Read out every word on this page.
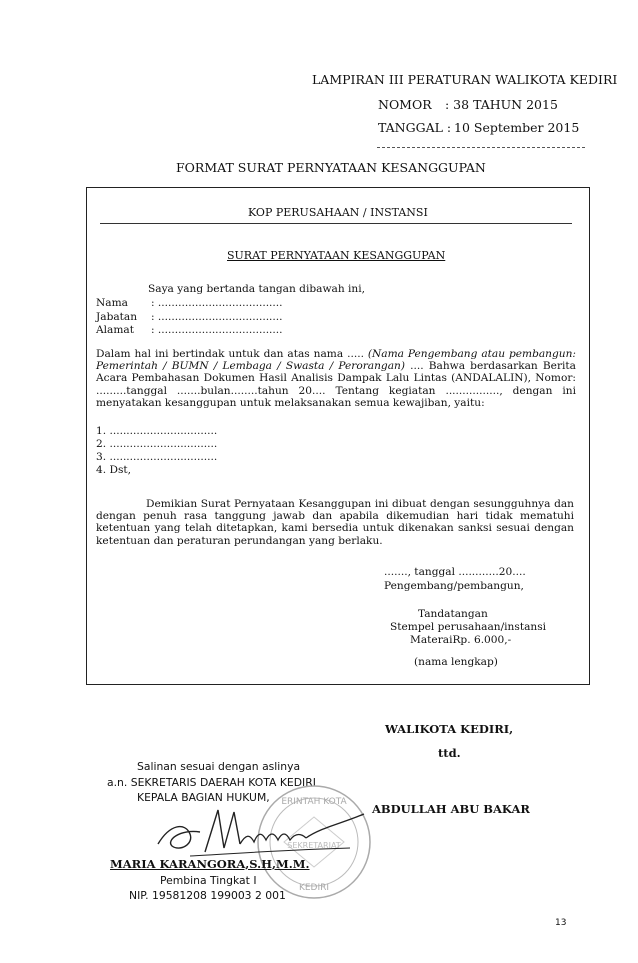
LAMPIRAN III PERATURAN WALIKOTA KEDIRI
NOMOR : 38 TAHUN 2015
TANGGAL : 10 September 2015
FORMAT SURAT PERNYATAAN KESANGGUPAN
KOP PERUSAHAAN / INSTANSI
SURAT PERNYATAAN KESANGGUPAN
Saya yang bertanda tangan dibawah ini,
Nama : .....................................
Jabatan : .....................................
Alamat : .....................................
Dalam hal ini bertindak untuk dan atas nama ..... (Nama Pengembang atau pembangun: Pemerintah / BUMN / Lembaga / Swasta / Perorangan) .... Bahwa berdasarkan Berita Acara Pembahasan Dokumen Hasil Analisis Dampak Lalu Lintas (ANDALALIN), Nomor: .........tanggal .......bulan........tahun 20.... Tentang kegiatan ................, dengan ini menyatakan kesanggupan untuk melaksanakan semua kewajiban, yaitu:
1. ................................
2. ................................
3. ................................
4. Dst,
Demikian Surat Pernyataan Kesanggupan ini dibuat dengan sesungguhnya dan dengan penuh rasa tanggung jawab dan apabila dikemudian hari tidak mematuhi ketentuan yang telah ditetapkan, kami bersedia untuk dikenakan sanksi sesuai dengan ketentuan dan peraturan perundangan yang berlaku.
......., tanggal ............20....
Pengembang/pembangun,
Tandatangan
Stempel perusahaan/instansi
MateraiRp. 6.000,-
(nama lengkap)
WALIKOTA KEDIRI,
ttd.
ABDULLAH ABU BAKAR
Salinan sesuai dengan aslinya
a.n. SEKRETARIS DAERAH KOTA KEDIRI
KEPALA BAGIAN HUKUM, ERINTAH KOTA
SEKRETARIAT
KEDIRI
MARIA KARANGORA,S.H,M.M.
Pembina Tingkat I
NIP. 19581208 199003 2 001
13
